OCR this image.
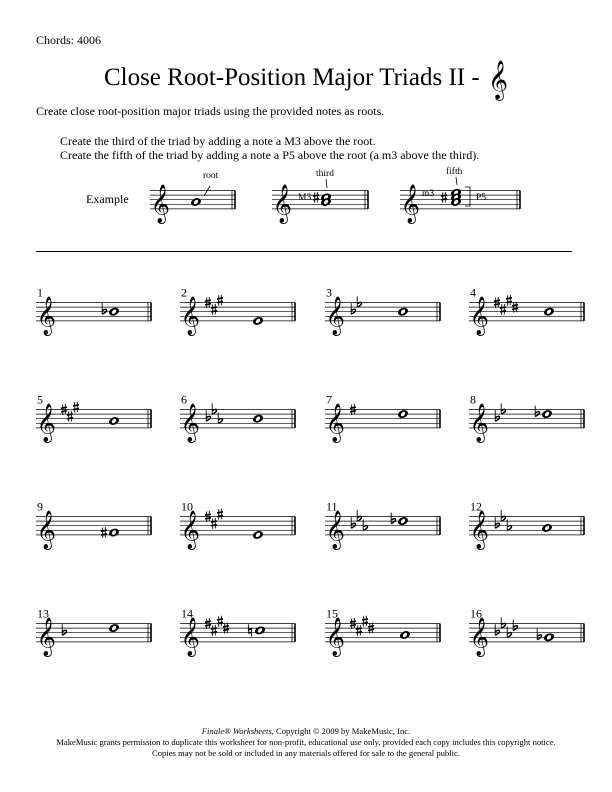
Chords: 4006
Close Root-Position Major Triads II - 𝄞
Create close root-position major triads using the provided notes as roots.
Create the third of the triad by adding a note a M3 above the root.
Create the fifth of the triad by adding a note a P5 above the root (a m3 above the third).
Example 𝄞
root
𝄞 M3
third
𝄞 m3	P5
fifth
1
𝄞
2
𝄞
3
𝄞
4
𝄞
5
𝄞
6
𝄞
7
𝄞
8
𝄞
9
𝄞
10
𝄞
11
𝄞
12
𝄞
13
𝄞
14
𝄞
15
𝄞
16
𝄞
Finale® Worksheets, Copyright © 2009 by MakeMusic, Inc.
MakeMusic grants permission to duplicate this worksheet for non-profit, educational use only, provided each copy includes this copyright notice.
Copies may not be sold or included in any materials offered for sale to the general public.
